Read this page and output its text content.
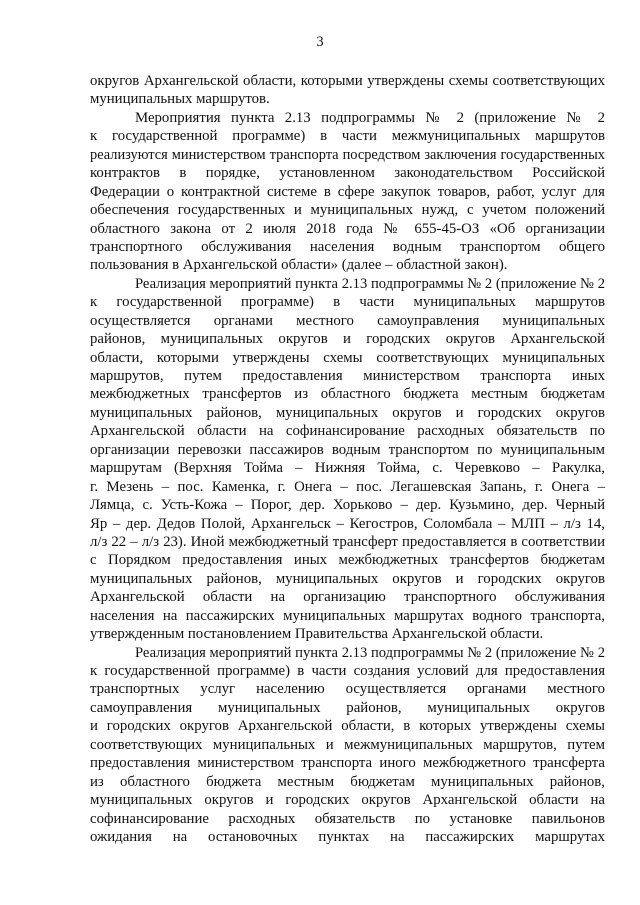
3
округов Архангельской области, которыми утверждены схемы соответствующих
муниципальных маршрутов.
Мероприятия пункта 2.13 подпрограммы № 2 (приложение № 2
к государственной программе) в части межмуниципальных маршрутов
реализуются министерством транспорта посредством заключения государственных
контрактов в порядке, установленном законодательством Российской
Федерации о контрактной системе в сфере закупок товаров, работ, услуг для
обеспечения государственных и муниципальных нужд, с учетом положений
областного закона от 2 июля 2018 года № 655-45-ОЗ «Об организации
транспортного обслуживания населения водным транспортом общего
пользования в Архангельской области» (далее – областной закон).
Реализация мероприятий пункта 2.13 подпрограммы № 2 (приложение № 2
к государственной программе) в части муниципальных маршрутов
осуществляется органами местного самоуправления муниципальных
районов, муниципальных округов и городских округов Архангельской
области, которыми утверждены схемы соответствующих муниципальных
маршрутов, путем предоставления министерством транспорта иных
межбюджетных трансфертов из областного бюджета местным бюджетам
муниципальных районов, муниципальных округов и городских округов
Архангельской области на софинансирование расходных обязательств по
организации перевозки пассажиров водным транспортом по муниципальным
маршрутам (Верхняя Тойма – Нижняя Тойма, с. Черевково – Ракулка,
г. Мезень – пос. Каменка, г. Онега – пос. Легашевская Запань, г. Онега –
Лямца, с. Усть-Кожа – Порог, дер. Хорьково – дер. Кузьмино, дер. Черный
Яр – дер. Дедов Полой, Архангельск – Кегостров, Соломбала – МЛП – л/з 14,
л/з 22 – л/з 23). Иной межбюджетный трансферт предоставляется в соответствии
с Порядком предоставления иных межбюджетных трансфертов бюджетам
муниципальных районов, муниципальных округов и городских округов
Архангельской области на организацию транспортного обслуживания
населения на пассажирских муниципальных маршрутах водного транспорта,
утвержденным постановлением Правительства Архангельской области.
Реализация мероприятий пункта 2.13 подпрограммы № 2 (приложение № 2
к государственной программе) в части создания условий для предоставления
транспортных услуг населению осуществляется органами местного
самоуправления муниципальных районов, муниципальных округов
и городских округов Архангельской области, в которых утверждены схемы
соответствующих муниципальных и межмуниципальных маршрутов, путем
предоставления министерством транспорта иного межбюджетного трансферта
из областного бюджета местным бюджетам муниципальных районов,
муниципальных округов и городских округов Архангельской области на
софинансирование расходных обязательств по установке павильонов
ожидания на остановочных пунктах на пассажирских маршрутах
